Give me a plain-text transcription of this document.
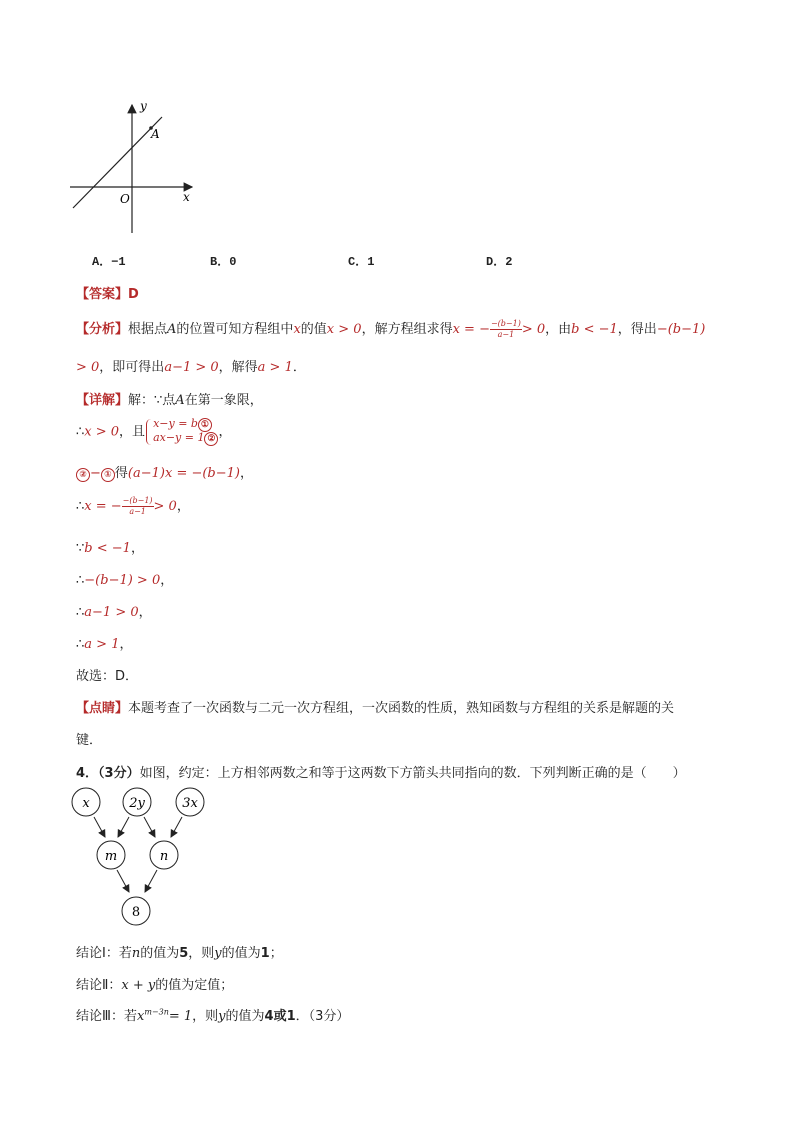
y
x
O
A
A．−1	B．0	C．1	D．2
【答案】D
【分析】根据点A的位置可知方程组中x的值x > 0，解方程组求得x = − $\frac{-(b-1)}{a-1} > 0$，由b < −1，得出−(b−1)
> 0，即可得出a−1 > 0，解得a > 1．
【详解】解：∵点A在第一象限，
∴x > 0，且
x−y = b ①
ax−y = 1 ② ，
② − ① 得(a−1)x = −(b−1)，
∴x = − $\frac{-(b-1)}{a-1} > 0$，
∵b < −1，
∴−(b−1) > 0，
∴a−1 > 0，
∴a > 1，
故选：D．
【点睛】本题考查了一次函数与二元一次方程组，一次函数的性质，熟知函数与方程组的关系是解题的关
键．
4．（3分）如图，约定：上方相邻两数之和等于这两数下方箭头共同指向的数．下列判断正确的是（　　）
x	2y	3x
m	n
8
结论Ⅰ：若n的值为5，则y的值为1；
结论Ⅱ：x + y的值为定值；
结论Ⅲ：若$x^{m-3n}= 1$，则y的值为4或1．（3分）
